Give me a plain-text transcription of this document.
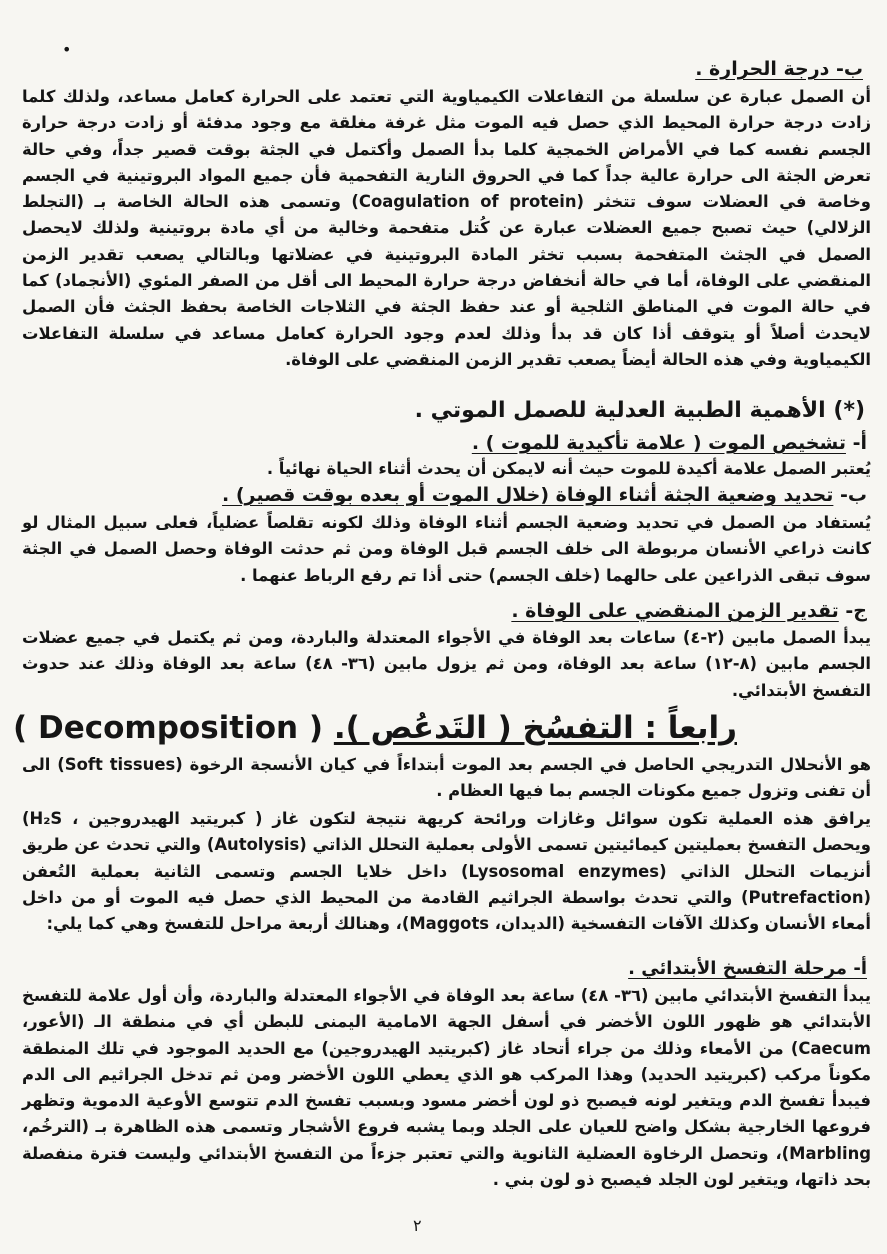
•
ب- درجة الحرارة .
أن الصمل عبارة عن سلسلة من التفاعلات الكيمياوية التي تعتمد على الحرارة كعامل مساعد، ولذلك كلما زادت درجة حرارة المحيط الذي حصل فيه الموت مثل غرفة مغلقة مع وجود مدفئة أو زادت درجة حرارة الجسم نفسه كما في الأمراض الخمجية كلما بدأ الصمل وأكتمل في الجثة بوقت قصير جداً، وفي حالة تعرض الجثة الى حرارة عالية جداً كما في الحروق النارية التفحمية فأن جميع المواد البروتينية في الجسم وخاصة في العضلات سوف تتخثر (Coagulation of protein) وتسمى هذه الحالة الخاصة بـ (التجلط الزلالي) حيث تصبح جميع العضلات عبارة عن كُتل متفحمة وخالية من أي مادة بروتينية ولذلك لايحصل الصمل في الجثث المتفحمة بسبب تخثر المادة البروتينية في عضلاتها وبالتالي يصعب تقدير الزمن المنقضي على الوفاة، أما في حالة أنخفاض درجة حرارة المحيط الى أقل من الصفر المئوي (الأنجماد) كما في حالة الموت في المناطق الثلجية أو عند حفظ الجثة في الثلاجات الخاصة بحفظ الجثث فأن الصمل لايحدث أصلاً أو يتوقف أذا كان قد بدأ وذلك لعدم وجود الحرارة كعامل مساعد في سلسلة التفاعلات الكيمياوية وفي هذه الحالة أيضاً يصعب تقدير الزمن المنقضي على الوفاة.
(*) الأهمية الطبية العدلية للصمل الموتي .
أ- تشخيص الموت ( علامة تأكيدية للموت ) .
يُعتبر الصمل علامة أكيدة للموت حيث أنه لايمكن أن يحدث أثناء الحياة نهائياً .
ب- تحديد وضعية الجثة أثناء الوفاة (خلال الموت أو بعده بوقت قصير) .
يُستفاد من الصمل في تحديد وضعية الجسم أثناء الوفاة وذلك لكونه تقلصاً عضلياً، فعلى سبيل المثال لو كانت ذراعي الأنسان مربوطة الى خلف الجسم قبل الوفاة ومن ثم حدثت الوفاة وحصل الصمل في الجثة سوف تبقى الذراعين على حالهما (خلف الجسم) حتى أذا تم رفع الرباط عنهما .
ج- تقدير الزمن المنقضي على الوفاة .
يبدأ الصمل مابين (٢-٤) ساعات بعد الوفاة في الأجواء المعتدلة والباردة، ومن ثم يكتمل في جميع عضلات الجسم مابين (٨-١٢) ساعة بعد الوفاة، ومن ثم يزول مابين (٣٦- ٤٨) ساعة بعد الوفاة وذلك عند حدوث التفسخ الأبتدائي.
رابعاً : التفسُخ ( التَدعُص ). ( Decomposition )
هو الأنحلال التدريجي الحاصل في الجسم بعد الموت أبتداءاً في كيان الأنسجة الرخوة (Soft tissues) الى أن تفنى وتزول جميع مكونات الجسم بما فيها العظام .
يرافق هذه العملية تكون سوائل وغازات ورائحة كريهة نتيجة لتكون غاز ( كبريتيد الهيدروجين ، H₂S) ويحصل التفسخ بعمليتين كيمائيتين تسمى الأولى بعملية التحلل الذاتي (Autolysis) والتي تحدث عن طريق أنزيمات التحلل الذاتي (Lysosomal enzymes) داخل خلايا الجسم وتسمى الثانية بعملية التُعفن (Putrefaction) والتي تحدث بواسطة الجراثيم القادمة من المحيط الذي حصل فيه الموت أو من داخل أمعاء الأنسان وكذلك الآفات التفسخية (الديدان، Maggots)، وهنالك أربعة مراحل للتفسخ وهي كما يلي:
أ- مرحلة التفسخ الأبتدائي .
يبدأ التفسخ الأبتدائي مابين (٣٦- ٤٨) ساعة بعد الوفاة في الأجواء المعتدلة والباردة، وأن أول علامة للتفسخ الأبتدائي هو ظهور اللون الأخضر في أسفل الجهة الامامية اليمنى للبطن أي في منطقة الـ (الأعور، Caecum) من الأمعاء وذلك من جراء أتحاد غاز (كبريتيد الهيدروجين) مع الحديد الموجود في تلك المنطقة مكوناً مركب (كبريتيد الحديد) وهذا المركب هو الذي يعطي اللون الأخضر ومن ثم تدخل الجراثيم الى الدم فيبدأ تفسخ الدم ويتغير لونه فيصبح ذو لون أخضر مسود وبسبب تفسخ الدم تتوسع الأوعية الدموية وتظهر فروعها الخارجية بشكل واضح للعيان على الجلد وبما يشبه فروع الأشجار وتسمى هذه الظاهرة بـ (الترخُم، Marbling)، وتحصل الرخاوة العضلية الثانوية والتي تعتبر جزءاً من التفسخ الأبتدائي وليست فترة منفصلة بحد ذاتها، ويتغير لون الجلد فيصبح ذو لون بني .
٢
